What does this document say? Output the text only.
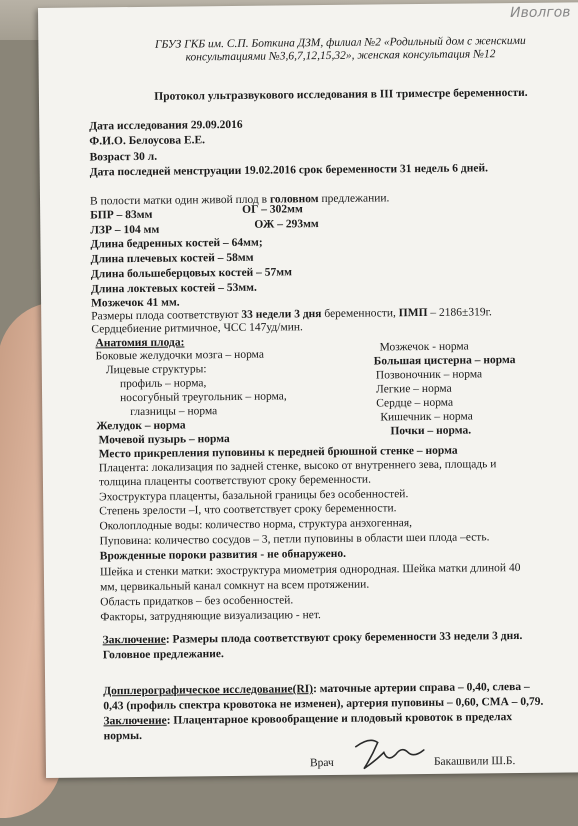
Иволгов
ГБУЗ ГКБ им. С.П. Боткина ДЗМ, филиал №2 «Родильный дом с женскими
консультациями №3,6,7,12,15,32», женская консультация №12
Протокол ультразвукового исследования в III триместре беременности.
Дата исследования 29.09.2016
Ф.И.О. Белоусова Е.Е.
Возраст 30 л.
Дата последней менструации 19.02.2016 срок беременности 31 недель 6 дней.
В полости матки один живой плод в головном предлежании.
БПР – 83мм	ОГ – 302мм
ЛЗР – 104 мм	ОЖ – 293мм
Длина бедренных костей – 64мм;
Длина плечевых костей – 58мм
Длина большеберцовых костей – 57мм
Длина локтевых костей – 53мм.
Мозжечок 41 мм.
Размеры плода соответствуют 33 недели 3 дня беременности, ПМП – 2186±319г.
Сердцебиение ритмичное, ЧСС 147уд/мин.
Анатомия плода:
Боковые желудочки мозга – норма
Лицевые структуры:
профиль – норма,
носогубный треугольник – норма,
глазницы – норма
Желудок – норма
Мочевой пузырь – норма
Мозжечок - норма
Большая цистерна – норма
Позвоночник – норма
Легкие – норма
Сердце – норма
Кишечник – норма
Почки – норма.
Место прикрепления пуповины к передней брюшной стенке – норма
Плацента: локализация по задней стенке, высоко от внутреннего зева, площадь и
толщина плаценты соответствуют сроку беременности.
Эхоструктура плаценты, базальной границы без особенностей.
Степень зрелости –I, что соответствует сроку беременности.
Околоплодные воды: количество норма, структура анэхогенная,
Пуповина: количество сосудов – 3, петли пуповины в области шеи плода –есть.
Врожденные пороки развития - не обнаружено.
Шейка и стенки матки: эхоструктура миометрия однородная. Шейка матки длиной 40
мм, цервикальный канал сомкнут на всем протяжении.
Область придатков – без особенностей.
Факторы, затрудняющие визуализацию - нет.
Заключение: Размеры плода соответствуют сроку беременности 33 недели 3 дня.
Головное предлежание.
Допплерографическое исследование(RI): маточные артерии справа – 0,40, слева –
0,43 (профиль спектра кровотока не изменен), артерия пуповины – 0,60, СМА – 0,79.
Заключение: Плацентарное кровообращение и плодовый кровоток в пределах
нормы.
Врач	Бакашвили Ш.Б.
